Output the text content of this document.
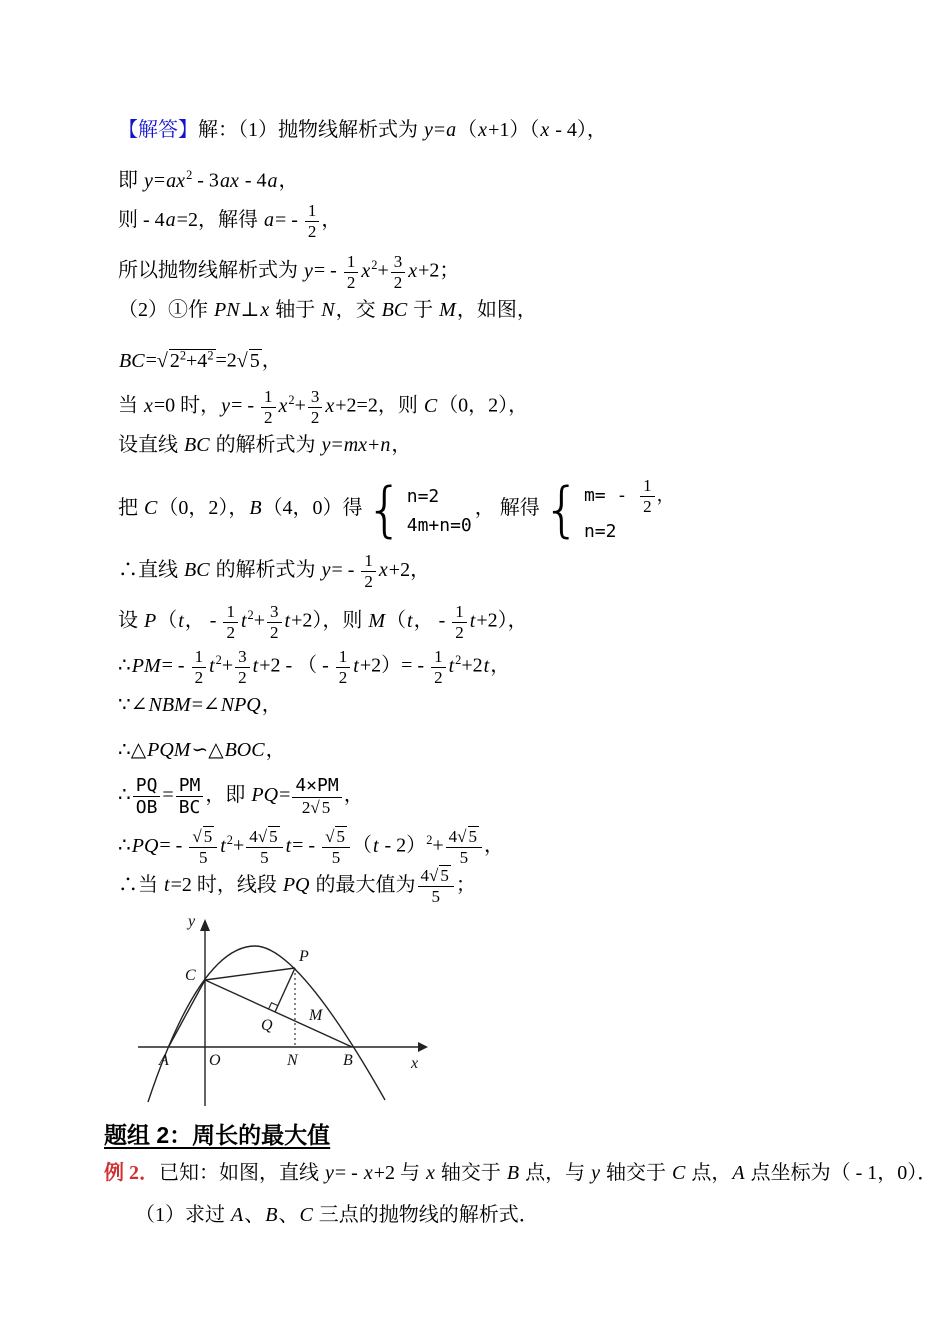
【解答】解：（1）抛物线解析式为 y=a（x+1）（x - 4），
即 $y=ax^2 - 3ax - 4a$，
则 - 4a=2，解得 $a= - \frac{1}{2}$ ，
所以抛物线解析式为 $y= - \frac{1}{2} x^2+ \frac{3}{2} x+2$；
（2）①作 PN⊥x 轴于 N，交 BC 于 M，如图，
BC=√ $2^2+4^2 =2√$ 5 ，
当 x=0 时，$y= - \frac{1}{2} x^2+ \frac{3}{2} x+2=2$，则 C（0，2），
设直线 BC 的解析式为 y=mx+n，
把 C（0，2），B（4，0）得{ n=2
4m+n=0
， 解得{ $m= - \frac{1}{2}$ ，
n=2
∴直线 BC 的解析式为 $y= - \frac{1}{2} x+2$，
设 P（t， - $\frac{1}{2} t^2+ \frac{3}{2} t+2$），则 M（t， - $\frac{1}{2} t+2$），
∴PM= - $\frac{1}{2} t^2+ \frac{3}{2} t+2$ - （ - $\frac{1}{2} t+2)= - \frac{1}{2} t^2+2t$，
∵∠NBM=∠NPQ，
∴△PQM∽△BOC，
∴ $\frac{PQ}{OB} = \frac{PM}{BC}$ ，即 $PQ= \frac{4\times PM}{2√ 5}$ ，
∴PQ= - $\frac{√ 5}{5} t^2+ \frac{4√ 5}{5} t= - \frac{√ 5}{5} (t - 2)^2+ \frac{4√ 5}{5}$ ，
∴当 t=2 时，线段 PQ 的最大值为 $\frac{4√ 5}{5}$ ；
y
x
C
P
Q
M
A	O	N	B
题组 2：周长的最大值
例 2．已知：如图，直线 y= - x+2 与 x 轴交于 B 点，与 y 轴交于 C 点，A 点坐标为（ - 1，0）．
（1）求过 A、B、C 三点的抛物线的解析式．
